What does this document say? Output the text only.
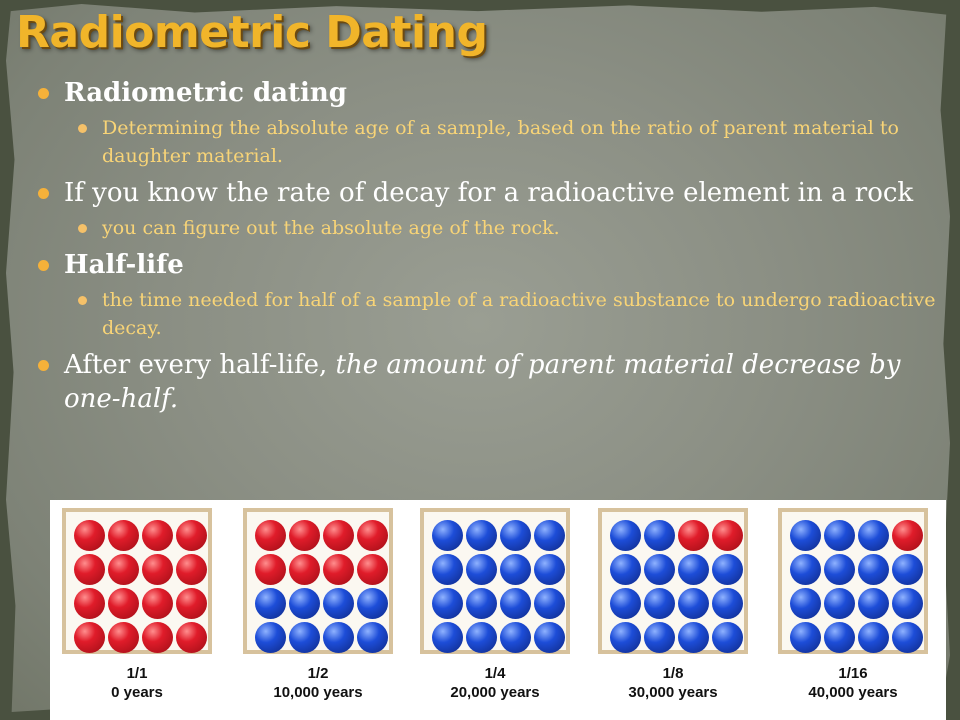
Radiometric Dating
Radiometric dating
Determining the absolute age of a sample, based on the ratio of parent material to daughter material.
If you know the rate of decay for a radioactive element in a rock
you can figure out the absolute age of the rock.
Half-life
the time needed for half of a sample of a radioactive substance to undergo radioactive decay.
After every half-life, the amount of parent material decrease by one-half.
1/1
0 years
1/2
10,000 years
1/4
20,000 years
1/8
30,000 years
1/16
40,000 years
